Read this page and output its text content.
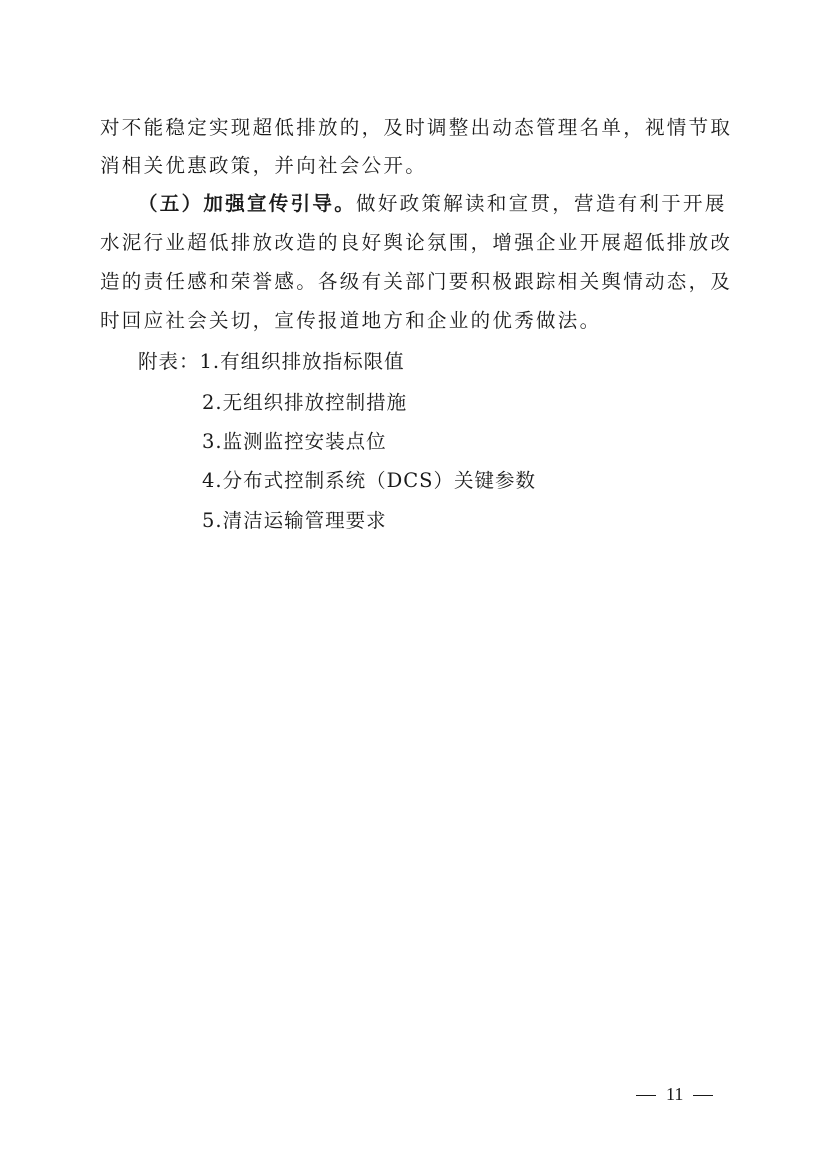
对不能稳定实现超低排放的，及时调整出动态管理名单，视情节取
消相关优惠政策，并向社会公开。
（五）加强宣传引导。做好政策解读和宣贯，营造有利于开展
水泥行业超低排放改造的良好舆论氛围，增强企业开展超低排放改
造的责任感和荣誉感。各级有关部门要积极跟踪相关舆情动态，及
时回应社会关切，宣传报道地方和企业的优秀做法。
附表：1.有组织排放指标限值
2.无组织排放控制措施
3.监测监控安装点位
4.分布式控制系统（DCS）关键参数
5.清洁运输管理要求
11
